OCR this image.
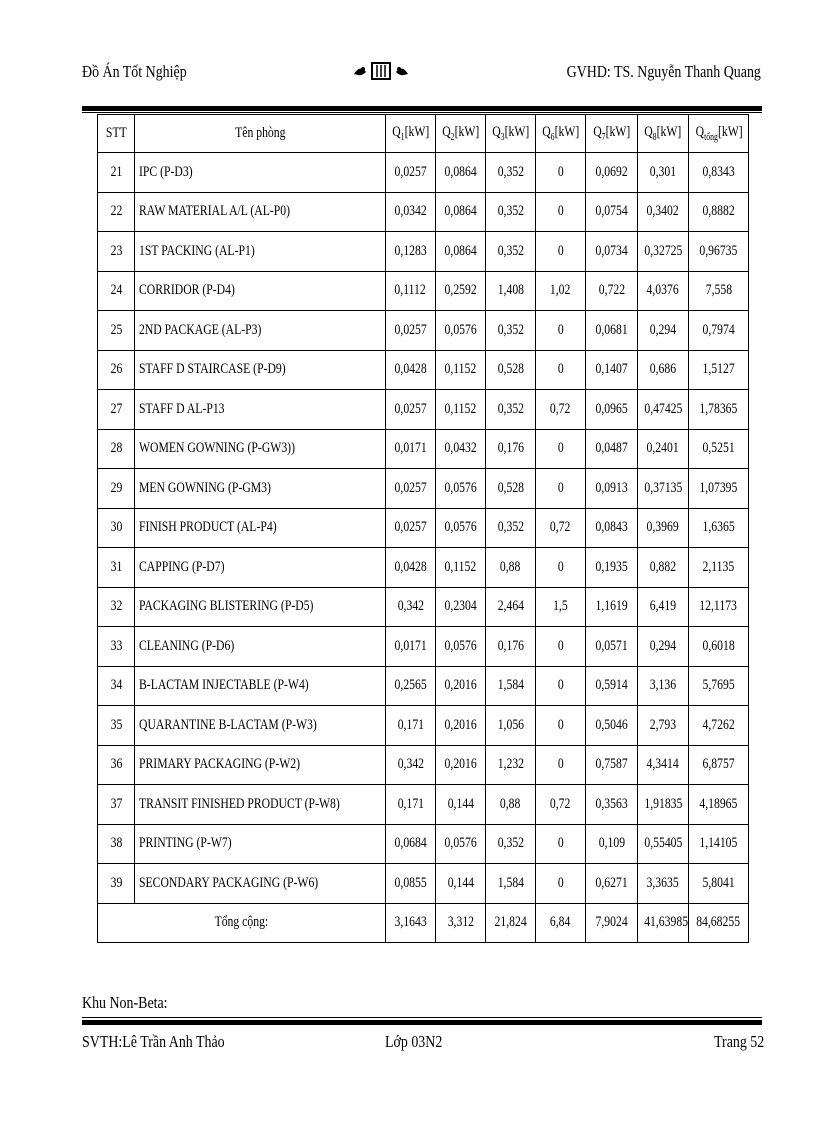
Đồ Án Tốt Nghiệp	GVHD: TS. Nguyễn Thanh Quang
STT	Tên phòng	$Q_1[kW]$	$Q_2[kW]$	$Q_3[kW]$	$Q_6[kW]$	$Q_7[kW]$	$Q_8[kW]$	$Q_{tổng}[kW]$
21	IPC (P-D3)	0,0257	0,0864	0,352	0	0,0692	0,301	0,8343
22	RAW MATERIAL A/L (AL-P0)	0,0342	0,0864	0,352	0	0,0754	0,3402	0,8882
23	1ST PACKING (AL-P1)	0,1283	0,0864	0,352	0	0,0734	0,32725	0,96735
24	CORRIDOR (P-D4)	0,1112	0,2592	1,408	1,02	0,722	4,0376	7,558
25	2ND PACKAGE (AL-P3)	0,0257	0,0576	0,352	0	0,0681	0,294	0,7974
26	STAFF D STAIRCASE (P-D9)	0,0428	0,1152	0,528	0	0,1407	0,686	1,5127
27	STAFF D AL-P13	0,0257	0,1152	0,352	0,72	0,0965	0,47425	1,78365
28	WOMEN GOWNING (P-GW3))	0,0171	0,0432	0,176	0	0,0487	0,2401	0,5251
29	MEN GOWNING (P-GM3)	0,0257	0,0576	0,528	0	0,0913	0,37135	1,07395
30	FINISH PRODUCT (AL-P4)	0,0257	0,0576	0,352	0,72	0,0843	0,3969	1,6365
31	CAPPING (P-D7)	0,0428	0,1152	0,88	0	0,1935	0,882	2,1135
32	PACKAGING BLISTERING (P-D5)	0,342	0,2304	2,464	1,5	1,1619	6,419	12,1173
33	CLEANING (P-D6)	0,0171	0,0576	0,176	0	0,0571	0,294	0,6018
34	B-LACTAM INJECTABLE (P-W4)	0,2565	0,2016	1,584	0	0,5914	3,136	5,7695
35	QUARANTINE B-LACTAM (P-W3)	0,171	0,2016	1,056	0	0,5046	2,793	4,7262
36	PRIMARY PACKAGING (P-W2)	0,342	0,2016	1,232	0	0,7587	4,3414	6,8757
37	TRANSIT FINISHED PRODUCT (P-W8)	0,171	0,144	0,88	0,72	0,3563	1,91835	4,18965
38	PRINTING (P-W7)	0,0684	0,0576	0,352	0	0,109	0,55405	1,14105
39	SECONDARY PACKAGING (P-W6)	0,0855	0,144	1,584	0	0,6271	3,3635	5,8041
Tổng cộng:		3,1643	3,312	21,824	6,84	7,9024	41,63985	84,68255
Khu Non-Beta:
SVTH:Lê Trần Anh Thảo	Lớp 03N2	Trang 52
